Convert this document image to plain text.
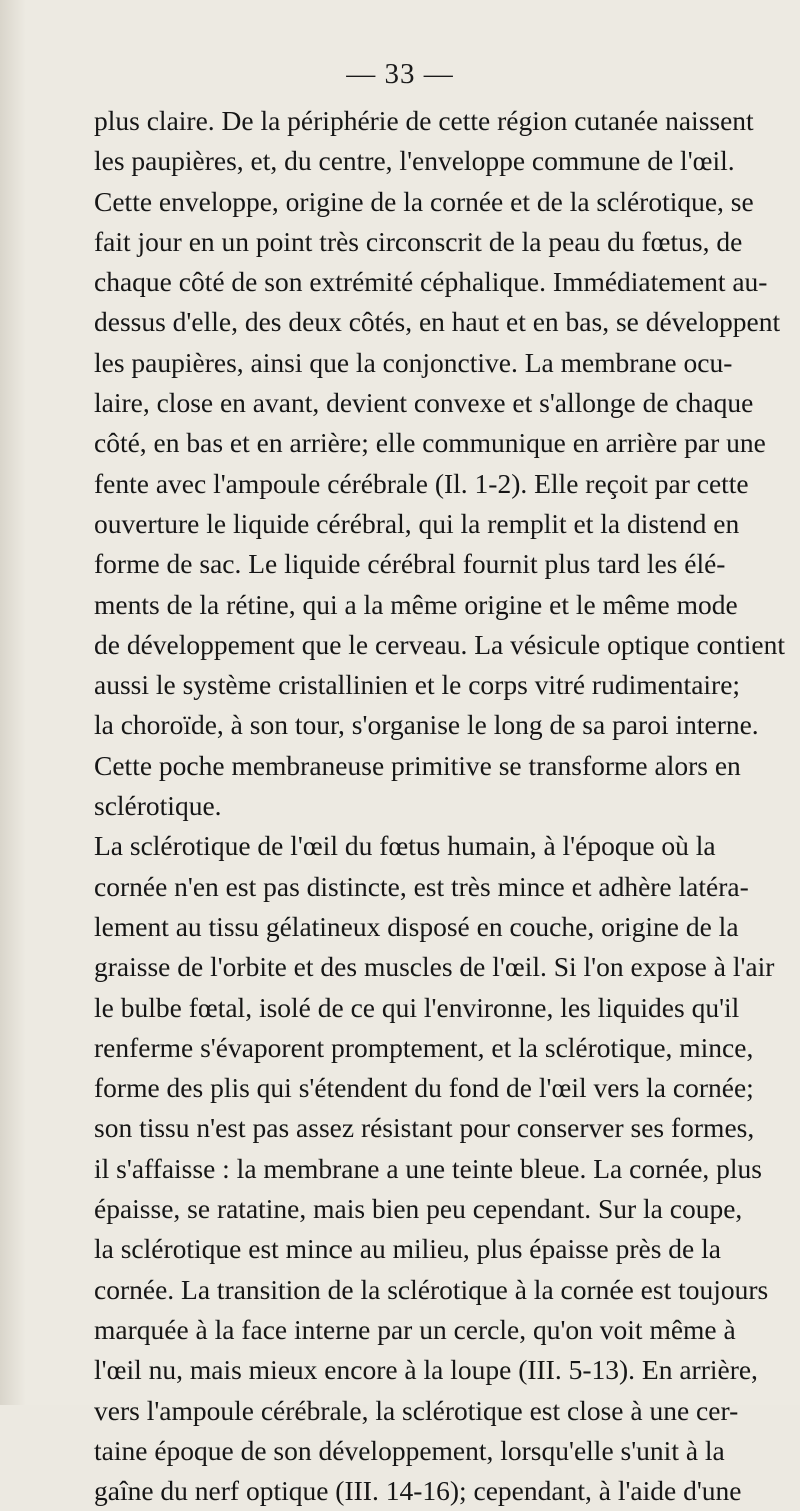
— 33 —

plus claire. De la périphérie de cette région cutanée naissent
les paupières, et, du centre, l'enveloppe commune de l'œil.
Cette enveloppe, origine de la cornée et de la sclérotique, se
fait jour en un point très circonscrit de la peau du fœtus, de
chaque côté de son extrémité céphalique. Immédiatement au-
dessus d'elle, des deux côtés, en haut et en bas, se développent
les paupières, ainsi que la conjonctive. La membrane ocu-
laire, close en avant, devient convexe et s'allonge de chaque
côté, en bas et en arrière; elle communique en arrière par une
fente avec l'ampoule cérébrale (Il. 1-2). Elle reçoit par cette
ouverture le liquide cérébral, qui la remplit et la distend en
forme de sac. Le liquide cérébral fournit plus tard les élé-
ments de la rétine, qui a la même origine et le même mode
de développement que le cerveau. La vésicule optique contient
aussi le système cristallinien et le corps vitré rudimentaire;
la choroïde, à son tour, s'organise le long de sa paroi interne.
Cette poche membraneuse primitive se transforme alors en
sclérotique.

La sclérotique de l'œil du fœtus humain, à l'époque où la
cornée n'en est pas distincte, est très mince et adhère latéra-
lement au tissu gélatineux disposé en couche, origine de la
graisse de l'orbite et des muscles de l'œil. Si l'on expose à l'air
le bulbe fœtal, isolé de ce qui l'environne, les liquides qu'il
renferme s'évaporent promptement, et la sclérotique, mince,
forme des plis qui s'étendent du fond de l'œil vers la cornée;
son tissu n'est pas assez résistant pour conserver ses formes,
il s'affaisse : la membrane a une teinte bleue. La cornée, plus
épaisse, se ratatine, mais bien peu cependant. Sur la coupe,
la sclérotique est mince au milieu, plus épaisse près de la
cornée. La transition de la sclérotique à la cornée est toujours
marquée à la face interne par un cercle, qu'on voit même à
l'œil nu, mais mieux encore à la loupe (III. 5-13). En arrière,
vers l'ampoule cérébrale, la sclérotique est close à une cer-
taine époque de son développement, lorsqu'elle s'unit à la
gaîne du nerf optique (III. 14-16); cependant, à l'aide d'une
